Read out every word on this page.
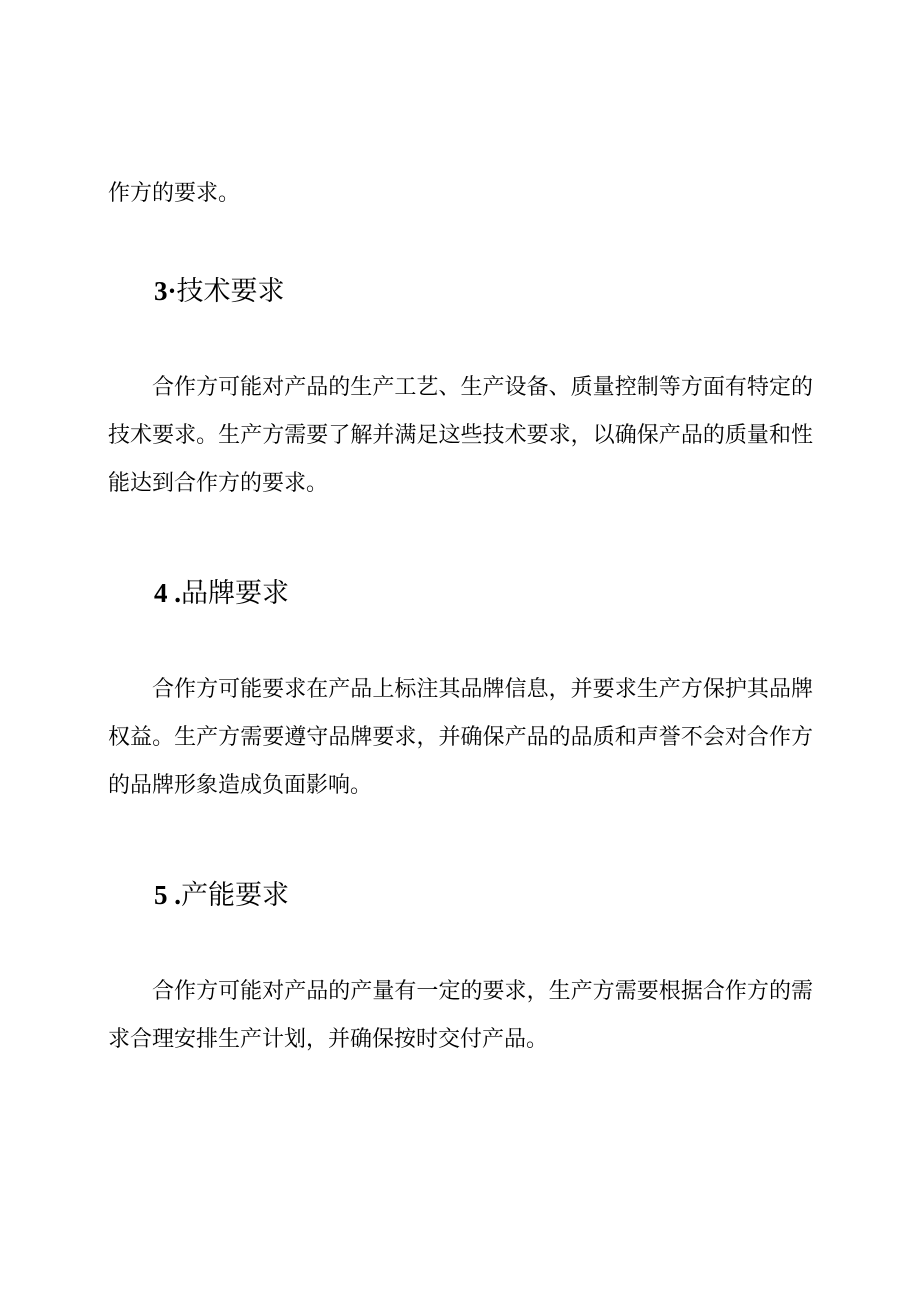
作方的要求。

3·技术要求

合作方可能对产品的生产工艺、生产设备、质量控制等方面有特定的技术要求。生产方需要了解并满足这些技术要求，以确保产品的质量和性能达到合作方的要求。

4 .品牌要求

合作方可能要求在产品上标注其品牌信息，并要求生产方保护其品牌权益。生产方需要遵守品牌要求，并确保产品的品质和声誉不会对合作方的品牌形象造成负面影响。

5 .产能要求

合作方可能对产品的产量有一定的要求，生产方需要根据合作方的需求合理安排生产计划，并确保按时交付产品。
